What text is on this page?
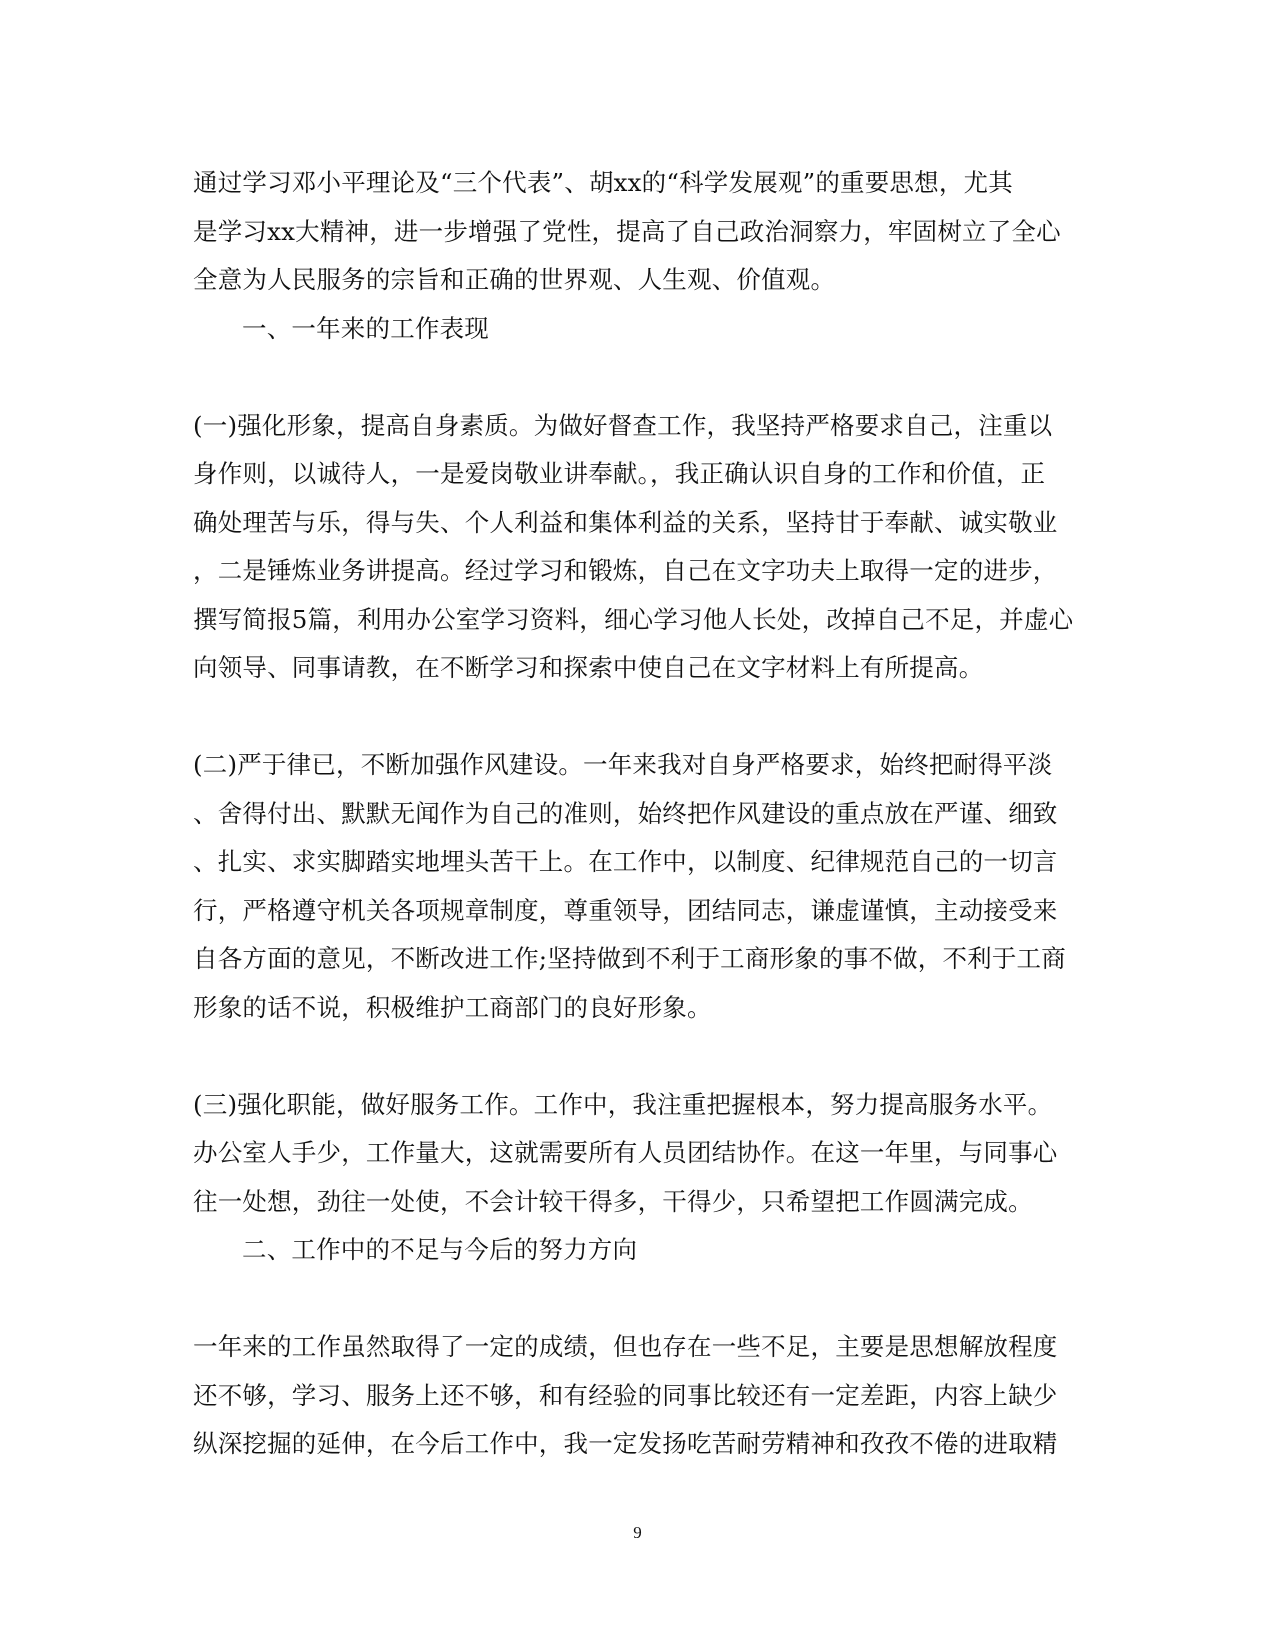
通过学习邓小平理论及“三个代表”、胡xx的“科学发展观”的重要思想，尤其
是学习xx大精神，进一步增强了党性，提高了自己政治洞察力，牢固树立了全心
全意为人民服务的宗旨和正确的世界观、人生观、价值观。
一、一年来的工作表现
(一)强化形象，提高自身素质。为做好督查工作，我坚持严格要求自己，注重以
身作则，以诚待人，一是爱岗敬业讲奉献。，我正确认识自身的工作和价值，正
确处理苦与乐，得与失、个人利益和集体利益的关系，坚持甘于奉献、诚实敬业
，二是锤炼业务讲提高。经过学习和锻炼，自己在文字功夫上取得一定的进步，
撰写简报5篇，利用办公室学习资料，细心学习他人长处，改掉自己不足，并虚心
向领导、同事请教，在不断学习和探索中使自己在文字材料上有所提高。
(二)严于律已，不断加强作风建设。一年来我对自身严格要求，始终把耐得平淡
、舍得付出、默默无闻作为自己的准则，始终把作风建设的重点放在严谨、细致
、扎实、求实脚踏实地埋头苦干上。在工作中，以制度、纪律规范自己的一切言
行，严格遵守机关各项规章制度，尊重领导，团结同志，谦虚谨慎，主动接受来
自各方面的意见，不断改进工作;坚持做到不利于工商形象的事不做，不利于工商
形象的话不说，积极维护工商部门的良好形象。
(三)强化职能，做好服务工作。工作中，我注重把握根本，努力提高服务水平。
办公室人手少，工作量大，这就需要所有人员团结协作。在这一年里，与同事心
往一处想，劲往一处使，不会计较干得多，干得少，只希望把工作圆满完成。
二、工作中的不足与今后的努力方向
一年来的工作虽然取得了一定的成绩，但也存在一些不足，主要是思想解放程度
还不够，学习、服务上还不够，和有经验的同事比较还有一定差距，内容上缺少
纵深挖掘的延伸，在今后工作中，我一定发扬吃苦耐劳精神和孜孜不倦的进取精
9
